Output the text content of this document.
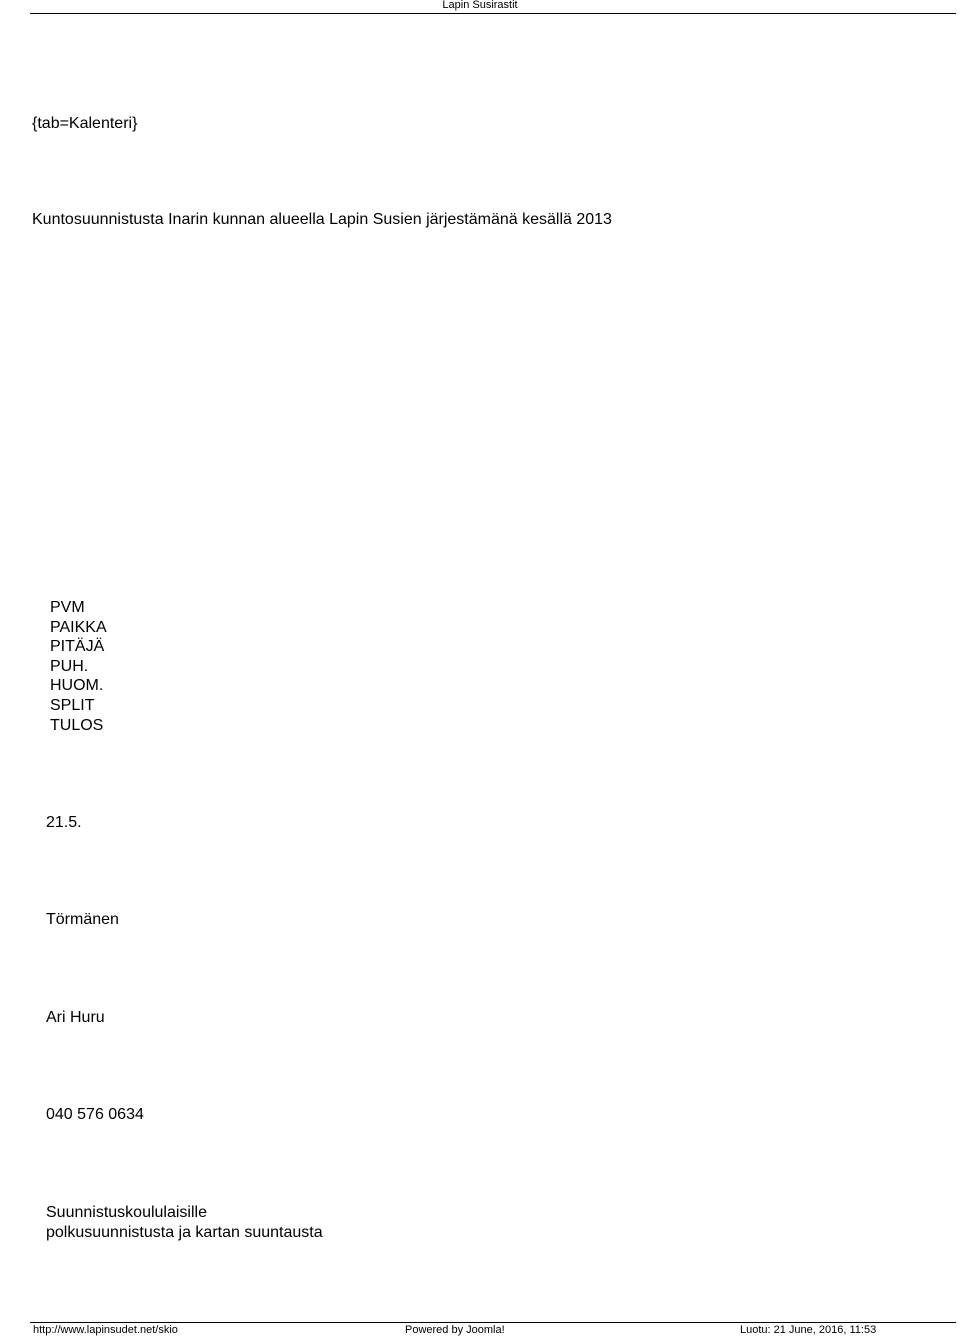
Lapin Susirastit
{tab=Kalenteri}
Kuntosuunnistusta Inarin kunnan alueella Lapin Susien järjestämänä kesällä 2013
PVM
PAIKKA
PITÄJÄ
PUH.
HUOM.
SPLIT
TULOS
21.5.
Törmänen
Ari Huru
040 576 0634
Suunnistuskoululaisille
polkusuunnistusta ja kartan suuntausta
http://www.lapinsudet.net/skio	Powered by Joomla!	Luotu: 21 June, 2016, 11:53
